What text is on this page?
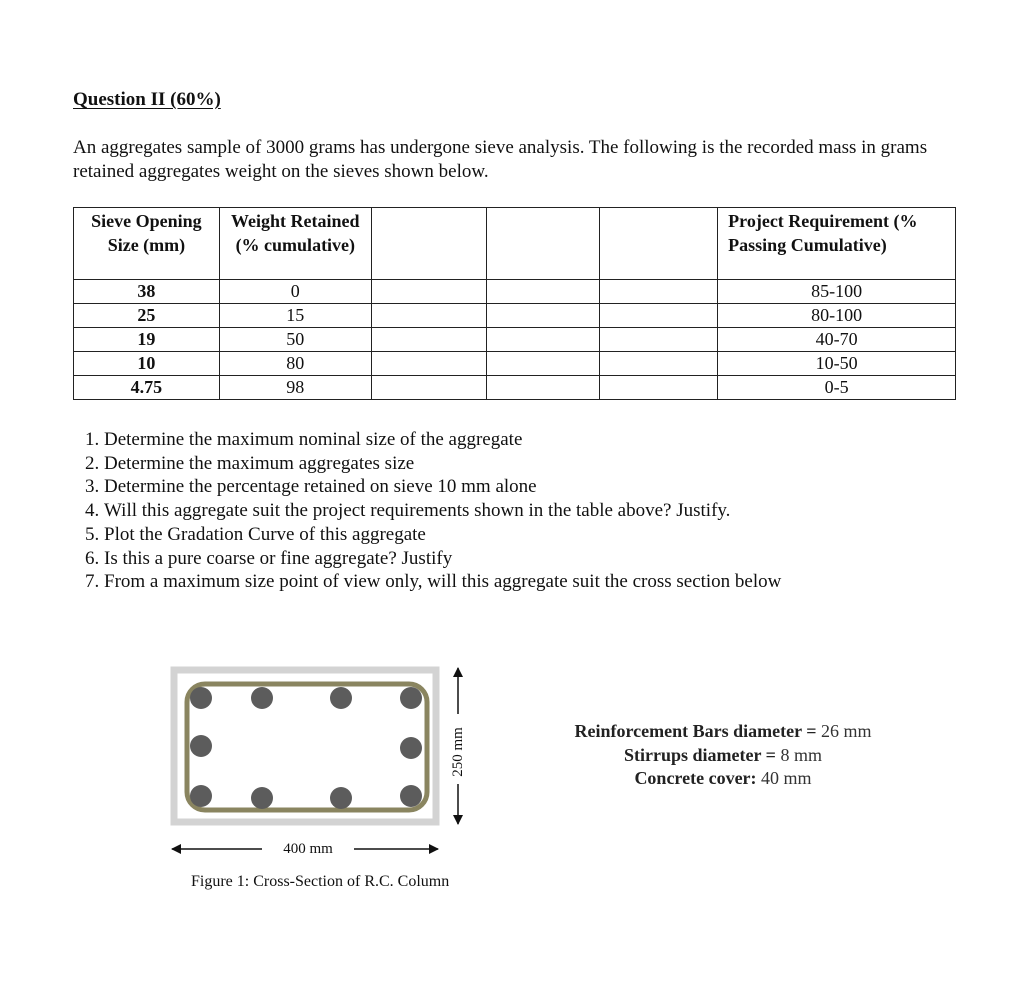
Question II (60%)
An aggregates sample of 3000 grams has undergone sieve analysis. The following is the recorded mass in grams retained aggregates weight on the sieves shown below.
Sieve Opening Size (mm)	Weight Retained (% cumulative)				Project Requirement (% Passing Cumulative)
38	0				85-100
25	15				80-100
19	50				40-70
10	80				10-50
4.75	98				0-5
1. Determine the maximum nominal size of the aggregate
2. Determine the maximum aggregates size
3. Determine the percentage retained on sieve 10 mm alone
4. Will this aggregate suit the project requirements shown in the table above? Justify.
5. Plot the Gradation Curve of this aggregate
6. Is this a pure coarse or fine aggregate? Justify
7. From a maximum size point of view only, will this aggregate suit the cross section below
250 mm
400 mm
Figure 1: Cross-Section of R.C. Column
Reinforcement Bars diameter = 26 mm
Stirrups diameter = 8 mm
Concrete cover: 40 mm
